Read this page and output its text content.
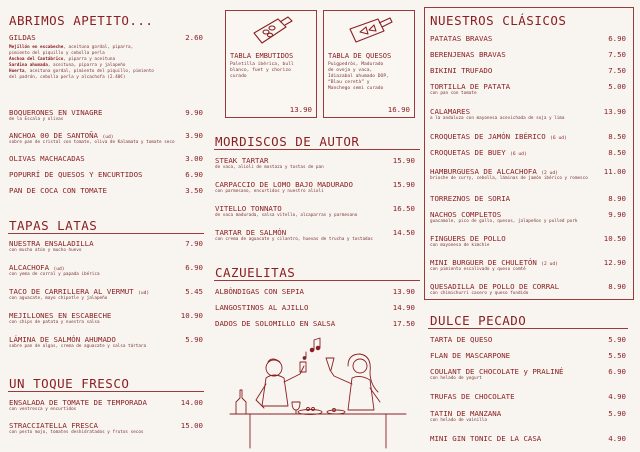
ABRIMOS APETITO...
GILDAS	2.60
Mejillón en escabeche, aceituna gordal, piparra,
pimiento del piquillo y cebolla perla
Anchoa del Cantábrico, piparra y aceituna
Sardina ahumada, aceituna, piparra y jalapeño
Huerta, aceituna gordal, pimiento del piquillo, pimiento
del padrón, cebolla perla y alcachofa (2.40€)
BOQUERONES EN VINAGRE	9.90
de la Escala y olivas
ANCHOA 00 DE SANTOÑA (ud)	3.90
sobre pan de cristal con tomate, oliva de Kalamata y tomate seco
OLIVAS MACHACADAS	3.00
POPURRÍ DE QUESOS Y ENCURTIDOS	6.90
PAN DE COCA CON TOMATE	3.50
TAPAS LATAS
NUESTRA ENSALADILLA	7.90
con mucho atún y mucho huevo
ALCACHOFA (ud)	6.90
con yema de corral y papada ibérica
TACO DE CARRILLERA AL VERMUT (ud)	5.45
con aguacate, mayo chipotle y jalapeño
MEJILLONES EN ESCABECHE	10.90
con chips de patata y nuestra salsa
LÁMINA DE SALMÓN AHUMADO	5.90
sobre pan de algas, crema de aguacate y salsa tártara
UN TOQUE FRESCO
ENSALADA DE TOMATE DE TEMPORADA	14.00
con ventresca y encurtidos
STRACCIATELLA FRESCA	15.00
con pesto mojo, tomates deshidratados y frutos secos
TABLA EMBUTIDOS
Paletilla ibérica, bull
blanco, fuet y chorizo
curado
13.90
TABLA DE QUESOS
Puigpedrós, Madurado
de oveja y vaca,
Idiazabal ahumado DOP,
“Blau ceretà” y
Manchego semi curado
16.90
MORDISCOS DE AUTOR
STEAK TARTAR	15.90
de vaca, alioli de mostaza y tostas de pan
CARPACCIO DE LOMO BAJO MADURADO	15.90
con parmesano, encurtidos y nuestro alioli
VITELLO TONNATO	16.50
de vaca madurada, salsa vitello, alcaparras y parmesano
TARTAR DE SALMÓN	14.50
con crema de aguacate y cilantro, huevas de trucha y tostadas
CAZUELITAS
ALBÓNDIGAS CON SEPIA	13.90
LANGOSTINOS AL AJILLO	14.90
DADOS DE SOLOMILLO EN SALSA	17.50
NUESTROS CLÁSICOS
PATATAS BRAVAS	6.90
BERENJENAS BRAVAS	7.50
BIKINI TRUFADO	7.50
TORTILLA DE PATATA	5.00
con pan con tomate
CALAMARES	13.90
a la andaluza con mayonesa acevichada de soja y lima
CROQUETAS DE JAMÓN IBÉRICO (6 ud)	8.50
CROQUETAS DE BUEY (6 ud)	8.50
HAMBURGUESA DE ALCACHOFA (2 ud)	11.00
brioche de curry, cebolla, láminas de jamón ibérico y romesco
TORREZNOS DE SORIA	8.90
NACHOS COMPLETOS	9.90
guacamole, pico de gallo, quesos, jalapeños y pulled pork
FINGUERS DE POLLO	10.50
con mayonesa de kimchie
MINI BURGUER DE CHULETÓN (2 ud)	12.90
con pimiento escalivado y queso comté
QUESADILLA DE POLLO DE CORRAL	8.90
con chimichurri casero y queso fundido
DULCE PECADO
TARTA DE QUESO	5.90
FLAN DE MASCARPONE	5.50
COULANT DE CHOCOLATE y PRALINÉ	6.90
con helado de yogurt
TRUFAS DE CHOCOLATE	4.90
TATIN DE MANZANA	5.90
con helado de vainilla
MINI GIN TONIC DE LA CASA	4.90
